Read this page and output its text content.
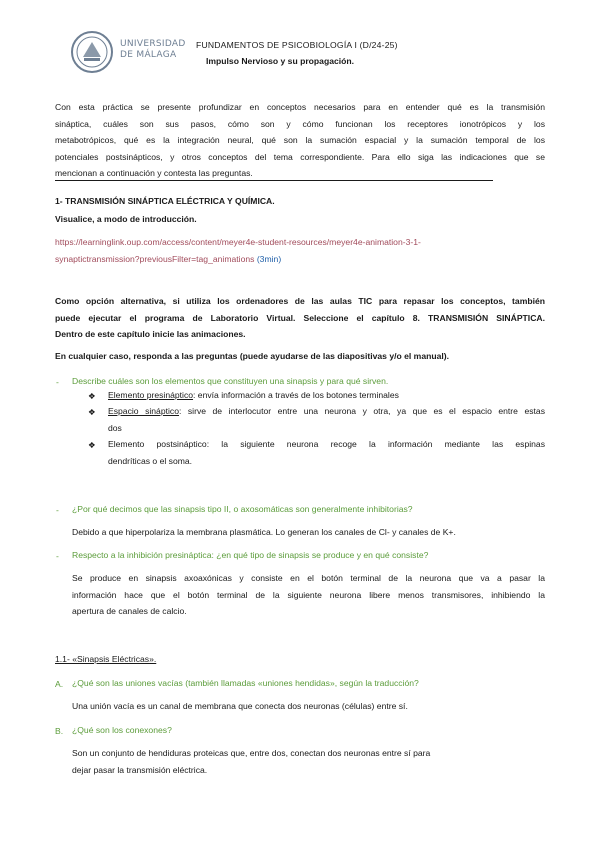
UNIVERSIDAD
DE MÁLAGA
FUNDAMENTOS DE PSICOBIOLOGÍA I (D/24-25)
Impulso Nervioso y su propagación.
Con esta práctica se presente profundizar en conceptos necesarios para en entender qué es la transmisión
sináptica, cuáles son sus pasos, cómo son y cómo funcionan los receptores ionotrópicos y los
metabotrópicos, qué es la integración neural, qué son la sumación espacial y la sumación temporal de los
potenciales postsinápticos, y otros conceptos del tema correspondiente. Para ello siga las indicaciones que se
mencionan a continuación y contesta las preguntas.
1- TRANSMISIÓN SINÁPTICA ELÉCTRICA Y QUÍMICA.
Visualice, a modo de introducción.
https://learninglink.oup.com/access/content/meyer4e-student-resources/meyer4e-animation-3-1-
synaptictransmission?previousFilter=tag_animations (3min)
Como opción alternativa, si utiliza los ordenadores de las aulas TIC para repasar los conceptos, también
puede ejecutar el programa de Laboratorio Virtual. Seleccione el capítulo 8. TRANSMISIÓN SINÁPTICA.
Dentro de este capítulo inicie las animaciones.
En cualquier caso, responda a las preguntas (puede ayudarse de las diapositivas y/o el manual).
- Describe cuáles son los elementos que constituyen una sinapsis y para qué sirven.
❖ Elemento presináptico: envía información a través de los botones terminales
❖ Espacio sináptico: sirve de interlocutor entre una neurona y otra, ya que es el espacio entre estas
dos
❖ Elemento postsináptico: la siguiente neurona recoge la información mediante las espinas
dendríticas o el soma.
- ¿Por qué decimos que las sinapsis tipo II, o axosomáticas son generalmente inhibitorias?
Debido a que hiperpolariza la membrana plasmática. Lo generan los canales de Cl- y canales de K+.
- Respecto a la inhibición presináptica: ¿en qué tipo de sinapsis se produce y en qué consiste?
Se produce en sinapsis axoaxónicas y consiste en el botón terminal de la neurona que va a pasar la
información hace que el botón terminal de la siguiente neurona libere menos transmisores, inhibiendo la
apertura de canales de calcio.
1.1- «Sinapsis Eléctricas».
A. ¿Qué son las uniones vacías (también llamadas «uniones hendidas», según la traducción?
Una unión vacía es un canal de membrana que conecta dos neuronas (células) entre sí.
B. ¿Qué son los conexones?
Son un conjunto de hendiduras proteicas que, entre dos, conectan dos neuronas entre sí para
dejar pasar la transmisión eléctrica.
